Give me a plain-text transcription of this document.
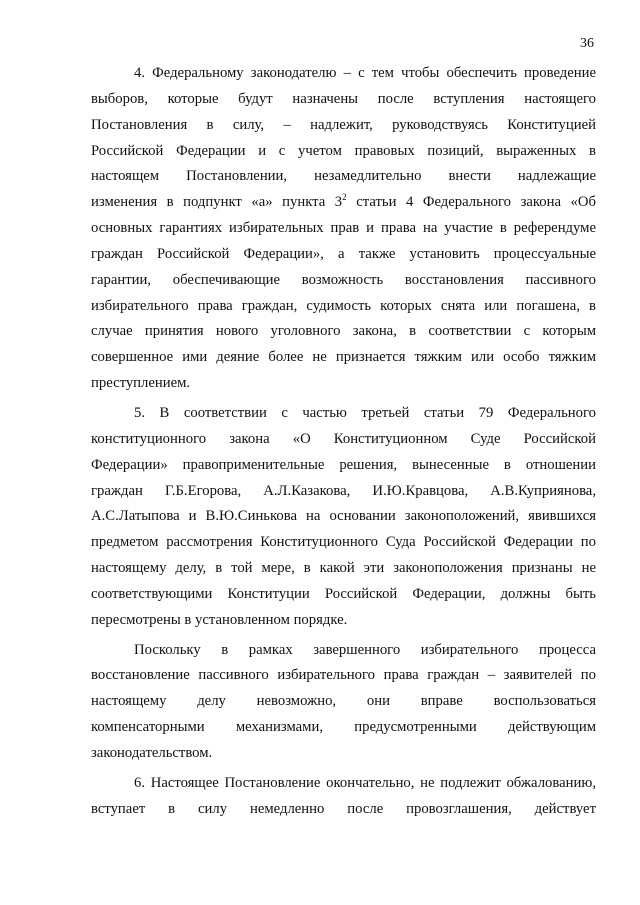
36
4. Федеральному законодателю – с тем чтобы обеспечить проведение
выборов, которые будут назначены после вступления настоящего
Постановления в силу, – надлежит, руководствуясь Конституцией
Российской Федерации и с учетом правовых позиций, выраженных в
настоящем Постановлении, незамедлительно внести надлежащие
изменения в подпункт «а» пункта $3^2$ статьи 4 Федерального закона «Об
основных гарантиях избирательных прав и права на участие в референдуме
граждан Российской Федерации», а также установить процессуальные
гарантии, обеспечивающие возможность восстановления пассивного
избирательного права граждан, судимость которых снята или погашена, в
случае принятия нового уголовного закона, в соответствии с которым
совершенное ими деяние более не признается тяжким или особо тяжким
преступлением.
5. В соответствии с частью третьей статьи 79 Федерального
конституционного закона «О Конституционном Суде Российской
Федерации» правоприменительные решения, вынесенные в отношении
граждан Г.Б.Егорова, А.Л.Казакова, И.Ю.Кравцова, А.В.Куприянова,
А.С.Латыпова и В.Ю.Синькова на основании законоположений, явившихся
предметом рассмотрения Конституционного Суда Российской Федерации по
настоящему делу, в той мере, в какой эти законоположения признаны не
соответствующими Конституции Российской Федерации, должны быть
пересмотрены в установленном порядке.
Поскольку в рамках завершенного избирательного процесса
восстановление пассивного избирательного права граждан – заявителей по
настоящему делу невозможно, они вправе воспользоваться
компенсаторными механизмами, предусмотренными действующим
законодательством.
6. Настоящее Постановление окончательно, не подлежит обжалованию,
вступает в силу немедленно после провозглашения, действует
